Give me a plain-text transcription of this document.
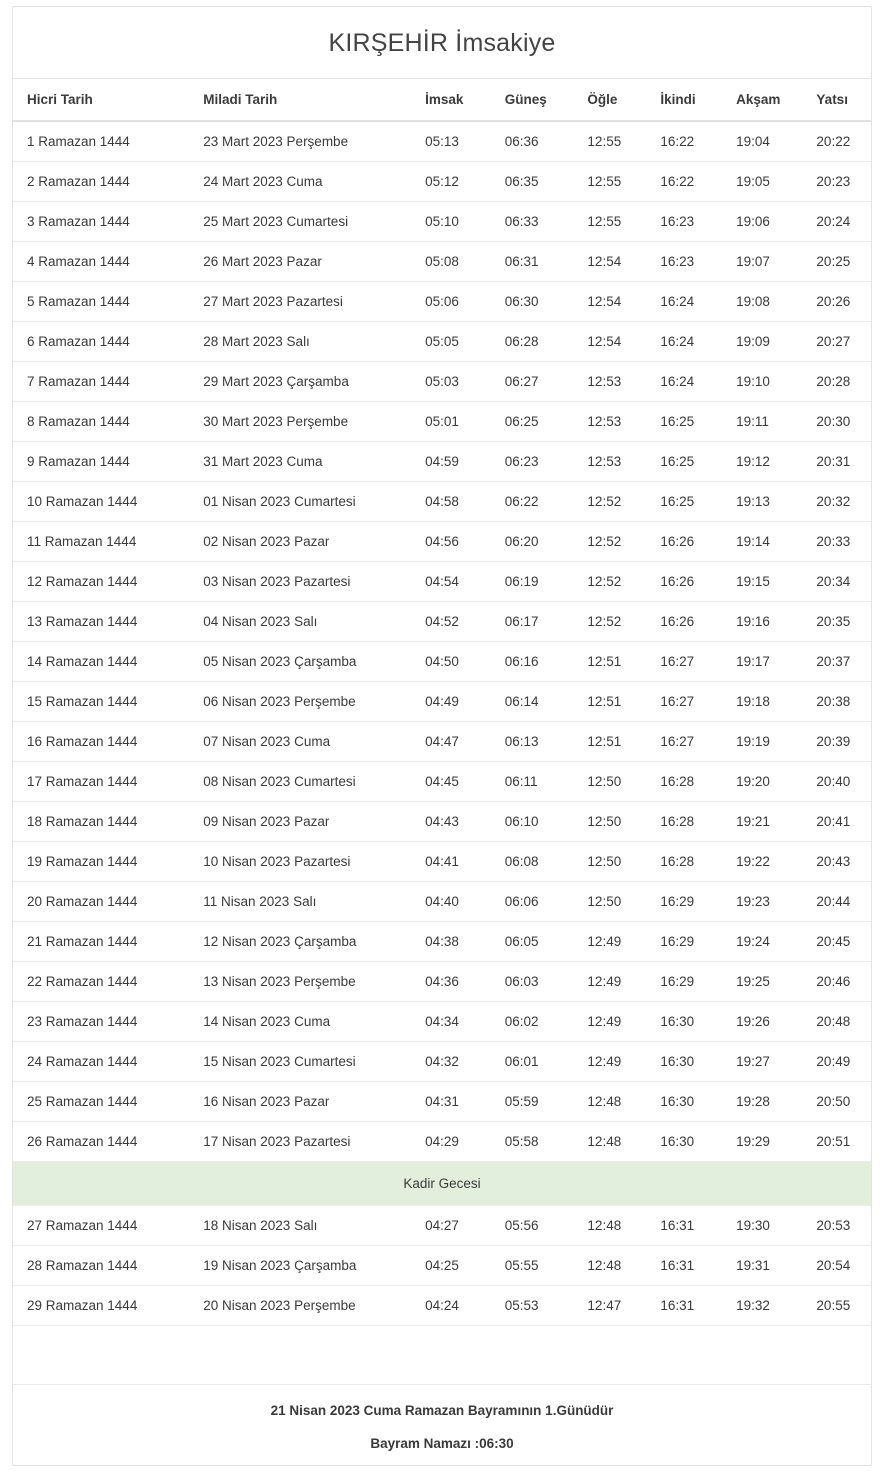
KIRŞEHİR İmsakiye
Hicri Tarih	Miladi Tarih	İmsak	Güneş	Öğle	İkindi	Akşam	Yatsı
1 Ramazan 1444	23 Mart 2023 Perşembe	05:13	06:36	12:55	16:22	19:04	20:22
2 Ramazan 1444	24 Mart 2023 Cuma	05:12	06:35	12:55	16:22	19:05	20:23
3 Ramazan 1444	25 Mart 2023 Cumartesi	05:10	06:33	12:55	16:23	19:06	20:24
4 Ramazan 1444	26 Mart 2023 Pazar	05:08	06:31	12:54	16:23	19:07	20:25
5 Ramazan 1444	27 Mart 2023 Pazartesi	05:06	06:30	12:54	16:24	19:08	20:26
6 Ramazan 1444	28 Mart 2023 Salı	05:05	06:28	12:54	16:24	19:09	20:27
7 Ramazan 1444	29 Mart 2023 Çarşamba	05:03	06:27	12:53	16:24	19:10	20:28
8 Ramazan 1444	30 Mart 2023 Perşembe	05:01	06:25	12:53	16:25	19:11	20:30
9 Ramazan 1444	31 Mart 2023 Cuma	04:59	06:23	12:53	16:25	19:12	20:31
10 Ramazan 1444	01 Nisan 2023 Cumartesi	04:58	06:22	12:52	16:25	19:13	20:32
11 Ramazan 1444	02 Nisan 2023 Pazar	04:56	06:20	12:52	16:26	19:14	20:33
12 Ramazan 1444	03 Nisan 2023 Pazartesi	04:54	06:19	12:52	16:26	19:15	20:34
13 Ramazan 1444	04 Nisan 2023 Salı	04:52	06:17	12:52	16:26	19:16	20:35
14 Ramazan 1444	05 Nisan 2023 Çarşamba	04:50	06:16	12:51	16:27	19:17	20:37
15 Ramazan 1444	06 Nisan 2023 Perşembe	04:49	06:14	12:51	16:27	19:18	20:38
16 Ramazan 1444	07 Nisan 2023 Cuma	04:47	06:13	12:51	16:27	19:19	20:39
17 Ramazan 1444	08 Nisan 2023 Cumartesi	04:45	06:11	12:50	16:28	19:20	20:40
18 Ramazan 1444	09 Nisan 2023 Pazar	04:43	06:10	12:50	16:28	19:21	20:41
19 Ramazan 1444	10 Nisan 2023 Pazartesi	04:41	06:08	12:50	16:28	19:22	20:43
20 Ramazan 1444	11 Nisan 2023 Salı	04:40	06:06	12:50	16:29	19:23	20:44
21 Ramazan 1444	12 Nisan 2023 Çarşamba	04:38	06:05	12:49	16:29	19:24	20:45
22 Ramazan 1444	13 Nisan 2023 Perşembe	04:36	06:03	12:49	16:29	19:25	20:46
23 Ramazan 1444	14 Nisan 2023 Cuma	04:34	06:02	12:49	16:30	19:26	20:48
24 Ramazan 1444	15 Nisan 2023 Cumartesi	04:32	06:01	12:49	16:30	19:27	20:49
25 Ramazan 1444	16 Nisan 2023 Pazar	04:31	05:59	12:48	16:30	19:28	20:50
26 Ramazan 1444	17 Nisan 2023 Pazartesi	04:29	05:58	12:48	16:30	19:29	20:51
Kadir Gecesi							
27 Ramazan 1444	18 Nisan 2023 Salı	04:27	05:56	12:48	16:31	19:30	20:53
28 Ramazan 1444	19 Nisan 2023 Çarşamba	04:25	05:55	12:48	16:31	19:31	20:54
29 Ramazan 1444	20 Nisan 2023 Perşembe	04:24	05:53	12:47	16:31	19:32	20:55

21 Nisan 2023 Cuma Ramazan Bayramının 1.Günüdür
Bayram Namazı :06:30
